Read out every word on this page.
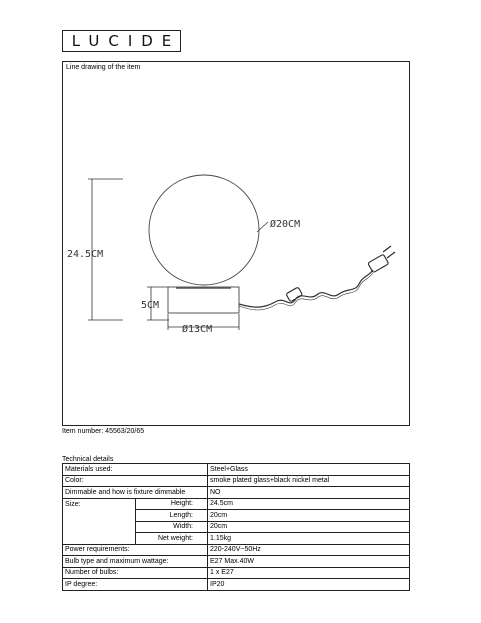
LUCIDE
Line drawing of the item
24.5CM
Ø20CM
5CM
Ø13CM
Item number: 45563/20/65
Technical details
Materials used:		Steel+Glass
Color:		smoke plated glass+black nickel metal
Dimmable and how is fixture dimmable		NO
Size:	Height:	24.5cm
	Length:	20cm
	Width:	20cm
	Net weight:	1.15kg
Power requirements:		220-240V~50Hz
Bulb type and maximum wattage:		E27 Max.40W
Number of bulbs:		1 x E27
IP degree:		IP20
